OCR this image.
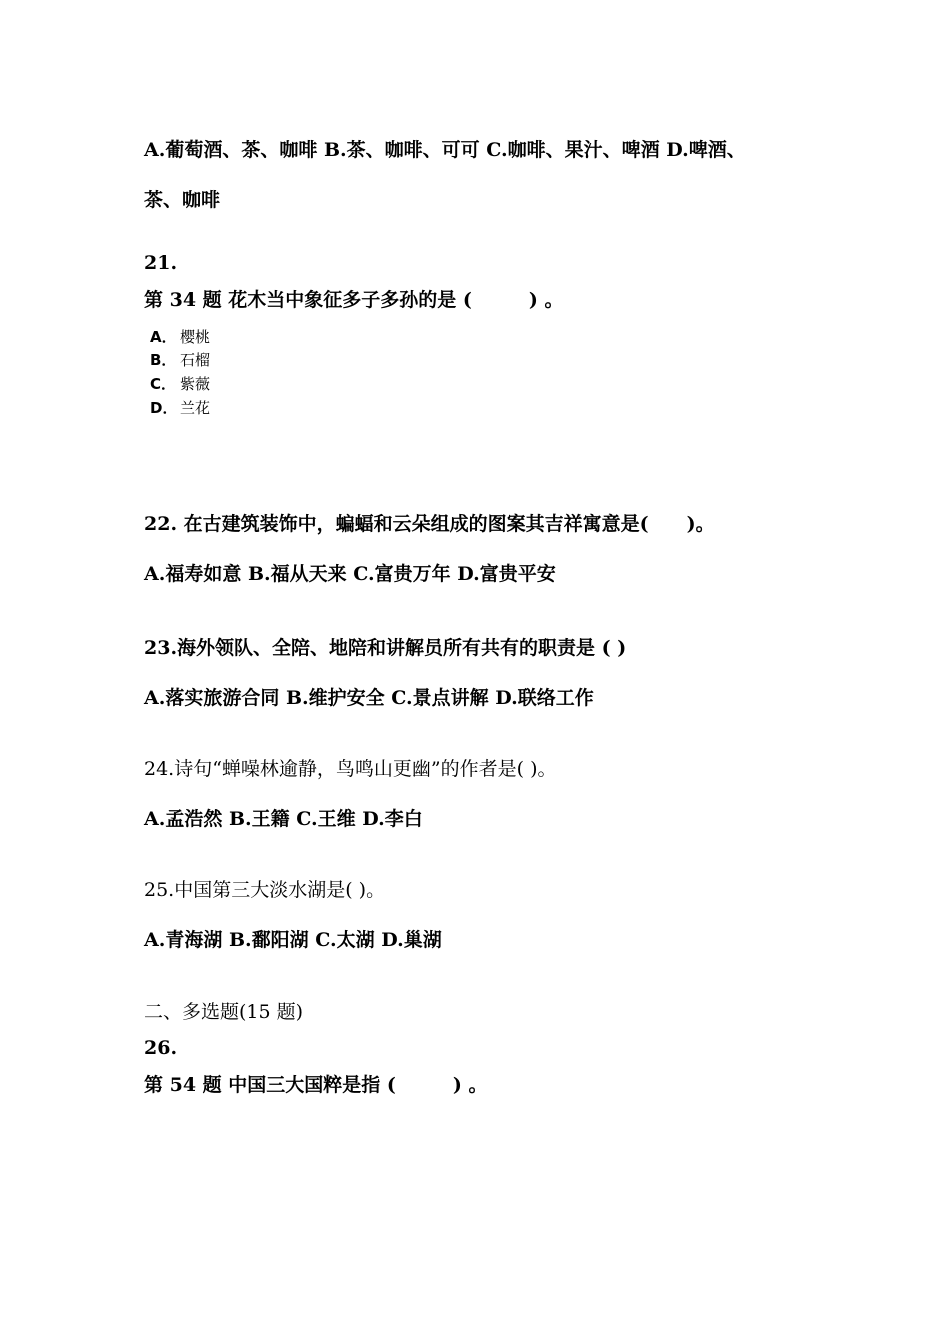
A.葡萄酒、茶、咖啡 B.茶、咖啡、可可 C.咖啡、果汁、啤酒 D.啤酒、
茶、咖啡
21.
第 34 题 花木当中象征多子多孙的是 (　　　) 。
A． 樱桃
B． 石榴
C． 紫薇
D． 兰花
22. 在古建筑装饰中，蝙蝠和云朵组成的图案其吉祥寓意是(　　)。
A.福寿如意 B.福从天来 C.富贵万年 D.富贵平安
23.海外领队、全陪、地陪和讲解员所有共有的职责是 ( )
A.落实旅游合同 B.维护安全 C.景点讲解 D.联络工作
24.诗句“蝉噪林逾静，鸟鸣山更幽”的作者是( )。
A.孟浩然 B.王籍 C.王维 D.李白
25.中国第三大淡水湖是( )。
A.青海湖 B.鄱阳湖 C.太湖 D.巢湖
二、多选题(15 题)
26.
第 54 题 中国三大国粹是指 (　　　) 。
